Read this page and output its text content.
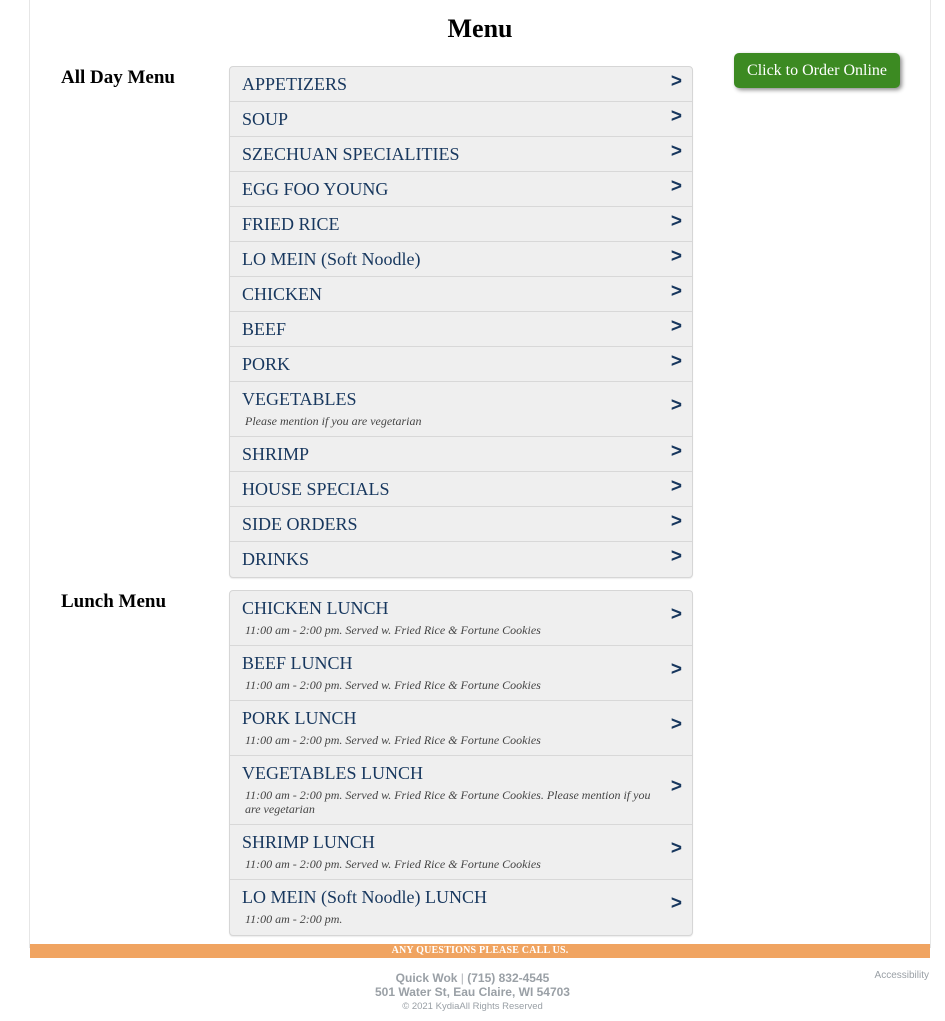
Menu
All Day Menu	APPETIZERS	>
SOUP	>
SZECHUAN SPECIALITIES	>
EGG FOO YOUNG	>
FRIED RICE	>
LO MEIN (Soft Noodle)	>
CHICKEN	>
BEEF	>
PORK	>
VEGETABLES
Please mention if you are vegetarian
>
SHRIMP	>
HOUSE SPECIALS	>
SIDE ORDERS	>
DRINKS	>
Lunch Menu	CHICKEN LUNCH
11:00 am - 2:00 pm. Served w. Fried Rice & Fortune Cookies
>
BEEF LUNCH
11:00 am - 2:00 pm. Served w. Fried Rice & Fortune Cookies
>
PORK LUNCH
11:00 am - 2:00 pm. Served w. Fried Rice & Fortune Cookies
>
VEGETABLES LUNCH
11:00 am - 2:00 pm. Served w. Fried Rice & Fortune Cookies. Please mention if you are vegetarian
>
SHRIMP LUNCH
11:00 am - 2:00 pm. Served w. Fried Rice & Fortune Cookies
>
LO MEIN (Soft Noodle) LUNCH
11:00 am - 2:00 pm.
>
Click to Order Online
ANY QUESTIONS PLEASE CALL US.
Quick Wok | (715) 832-4545
501 Water St, Eau Claire, WI 54703
© 2021 KydiaAll Rights Reserved
Accessibility
